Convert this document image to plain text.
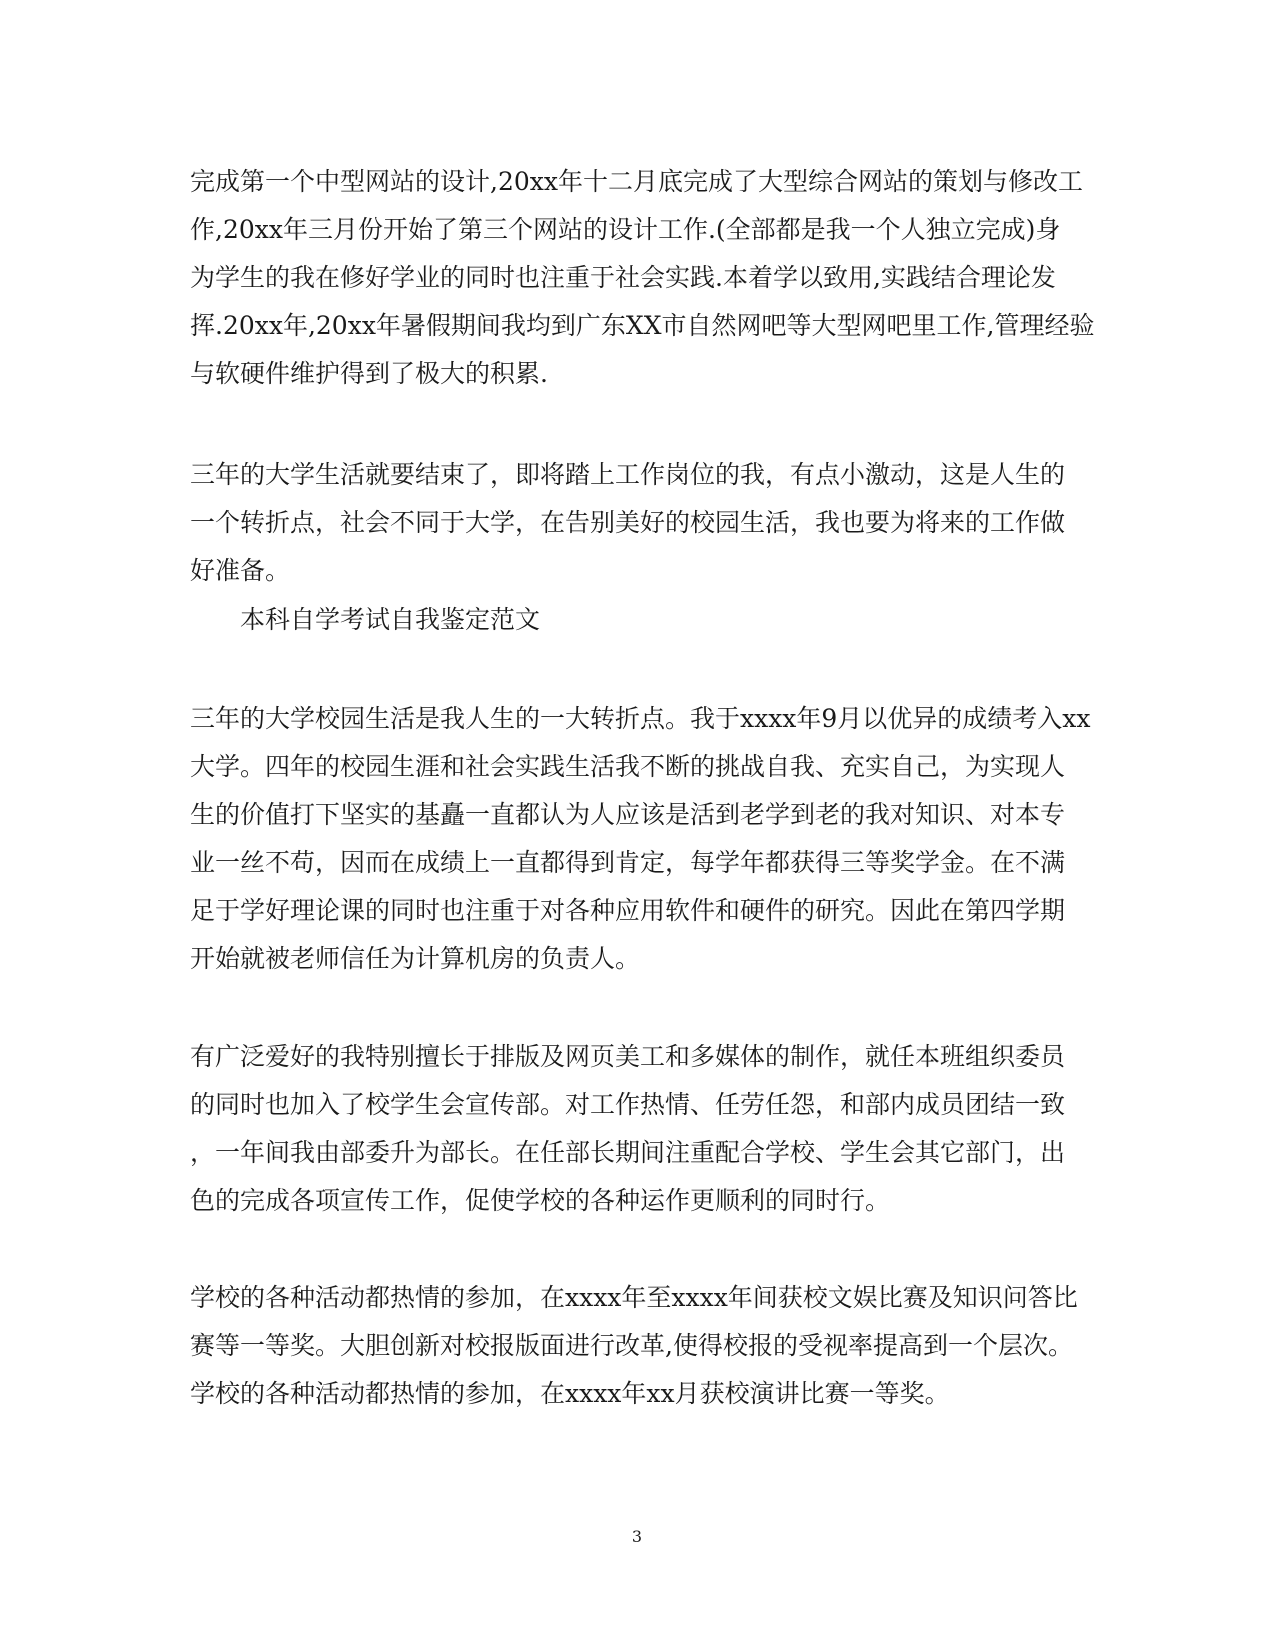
完成第一个中型网站的设计,20xx年十二月底完成了大型综合网站的策划与修改工
作,20xx年三月份开始了第三个网站的设计工作.(全部都是我一个人独立完成)身
为学生的我在修好学业的同时也注重于社会实践.本着学以致用,实践结合理论发
挥.20xx年,20xx年暑假期间我均到广东XX市自然网吧等大型网吧里工作,管理经验
与软硬件维护得到了极大的积累.

三年的大学生活就要结束了，即将踏上工作岗位的我，有点小激动，这是人生的
一个转折点，社会不同于大学，在告别美好的校园生活，我也要为将来的工作做
好准备。

本科自学考试自我鉴定范文

三年的大学校园生活是我人生的一大转折点。我于xxxx年9月以优异的成绩考入xx
大学。四年的校园生涯和社会实践生活我不断的挑战自我、充实自己，为实现人
生的价值打下坚实的基矗一直都认为人应该是活到老学到老的我对知识、对本专
业一丝不苟，因而在成绩上一直都得到肯定，每学年都获得三等奖学金。在不满
足于学好理论课的同时也注重于对各种应用软件和硬件的研究。因此在第四学期
开始就被老师信任为计算机房的负责人。

有广泛爱好的我特别擅长于排版及网页美工和多媒体的制作，就任本班组织委员
的同时也加入了校学生会宣传部。对工作热情、任劳任怨，和部内成员团结一致
，一年间我由部委升为部长。在任部长期间注重配合学校、学生会其它部门，出
色的完成各项宣传工作，促使学校的各种运作更顺利的同时行。

学校的各种活动都热情的参加，在xxxx年至xxxx年间获校文娱比赛及知识问答比
赛等一等奖。大胆创新对校报版面进行改革,使得校报的受视率提高到一个层次。
学校的各种活动都热情的参加，在xxxx年xx月获校演讲比赛一等奖。

3
